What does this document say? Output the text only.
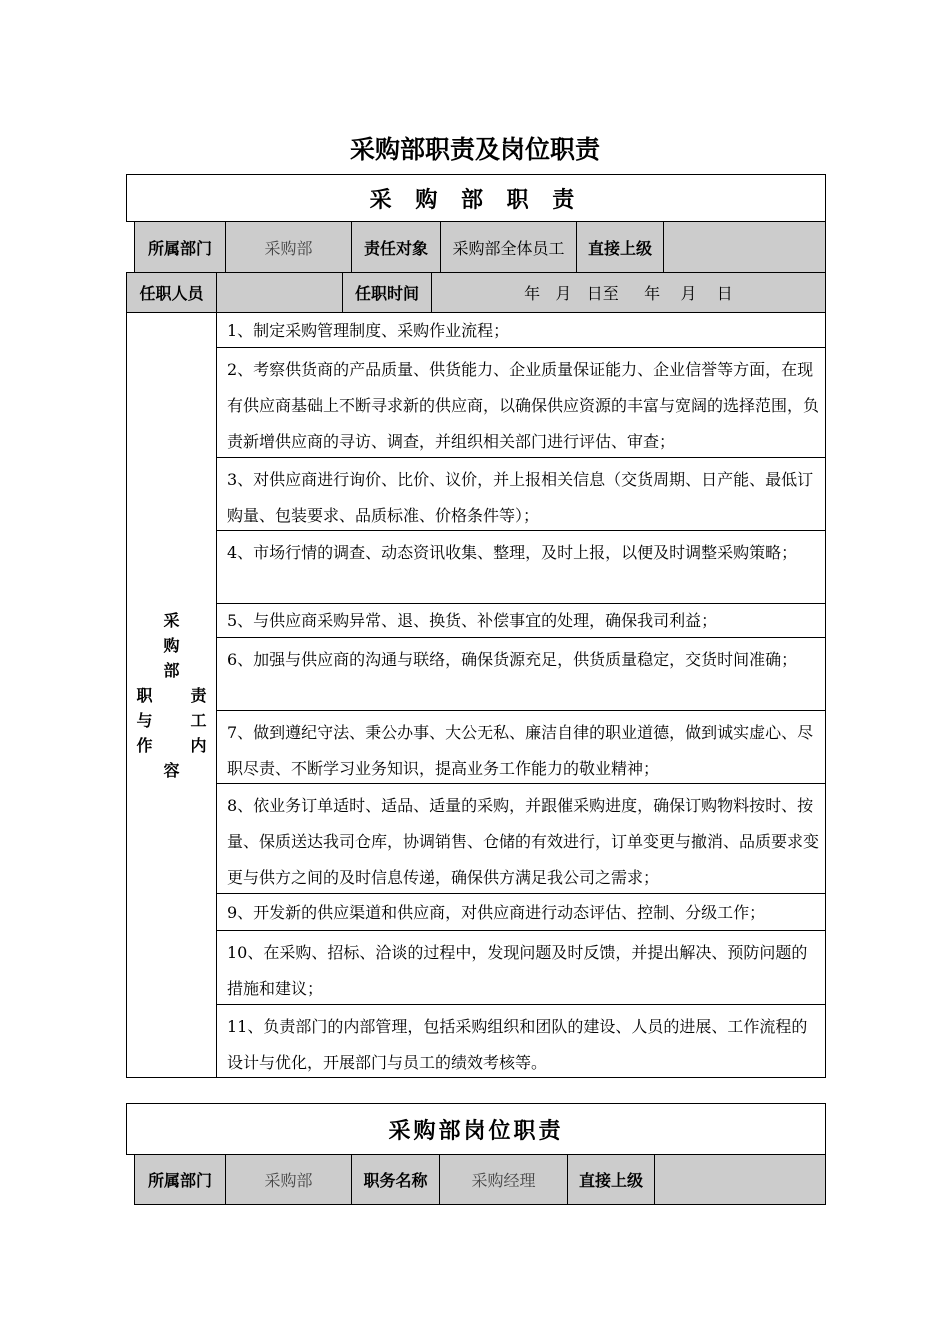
采购部职责及岗位职责
采 购 部 职 责
所属部门	采购部	责任对象	采购部全体员工	直接上级
任职人员	任职时间	年   月   日至     年    月    日
采
购
部
职 责
与 工
作 内
容
1、制定采购管理制度、采购作业流程；
2、考察供货商的产品质量、供货能力、企业质量保证能力、企业信誉等方面，在现有供应商基础上不断寻求新的供应商，以确保供应资源的丰富与宽阔的选择范围，负责新增供应商的寻访、调查，并组织相关部门进行评估、审查；
3、对供应商进行询价、比价、议价，并上报相关信息（交货周期、日产能、最低订购量、包装要求、品质标准、价格条件等）；
4、市场行情的调查、动态资讯收集、整理，及时上报，以便及时调整采购策略；
5、与供应商采购异常、退、换货、补偿事宜的处理，确保我司利益；
6、加强与供应商的沟通与联络，确保货源充足，供货质量稳定，交货时间准确；
7、做到遵纪守法、秉公办事、大公无私、廉洁自律的职业道德，做到诚实虚心、尽职尽责、不断学习业务知识，提高业务工作能力的敬业精神；
8、依业务订单适时、适品、适量的采购，并跟催采购进度，确保订购物料按时、按量、保质送达我司仓库，协调销售、仓储的有效进行，订单变更与撤消、品质要求变更与供方之间的及时信息传递，确保供方满足我公司之需求；
9、开发新的供应渠道和供应商，对供应商进行动态评估、控制、分级工作；
10、在采购、招标、洽谈的过程中，发现问题及时反馈，并提出解决、预防问题的措施和建议；
11、负责部门的内部管理，包括采购组织和团队的建设、人员的进展、工作流程的设计与优化，开展部门与员工的绩效考核等。
采购部岗位职责
所属部门	采购部	职务名称	采购经理	直接上级
